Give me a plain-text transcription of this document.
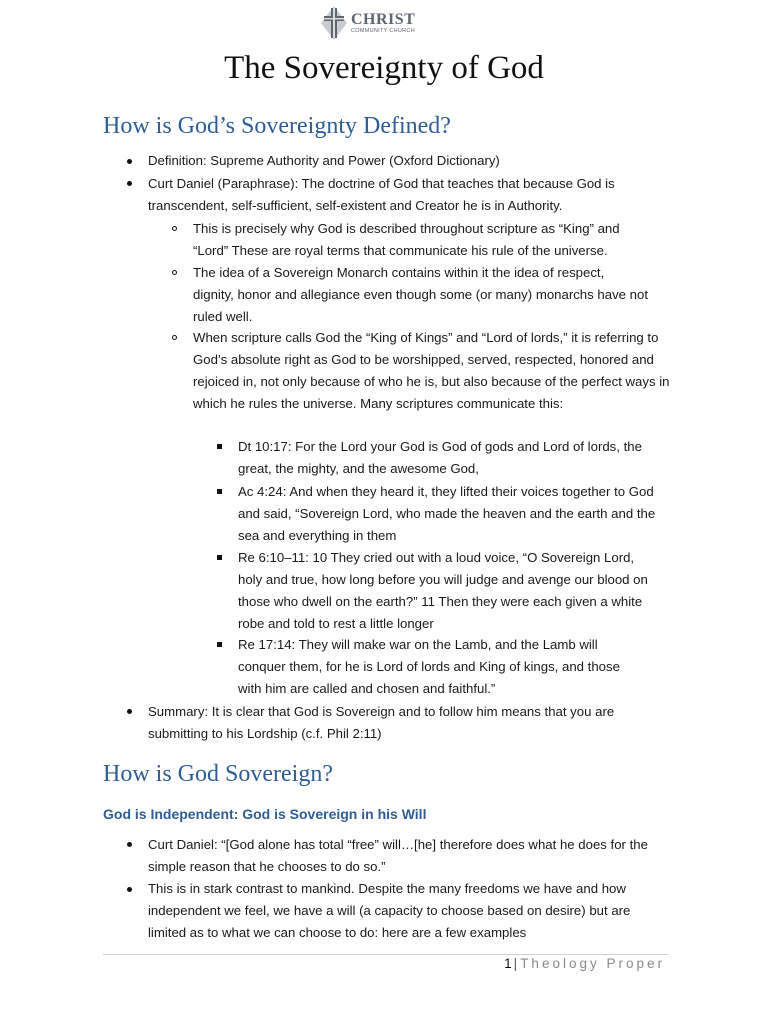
CHRIST
COMMUNITY CHURCH
The Sovereignty of God
How is God’s Sovereignty Defined?
Definition: Supreme Authority and Power (Oxford Dictionary)
Curt Daniel (Paraphrase): The doctrine of God that teaches that because God is transcendent, self-sufficient, self-existent and Creator he is in Authority.
This is precisely why God is described throughout scripture as “King” and “Lord” These are royal terms that communicate his rule of the universe.
The idea of a Sovereign Monarch contains within it the idea of respect, dignity, honor and allegiance even though some (or many) monarchs have not ruled well.
When scripture calls God the “King of Kings” and “Lord of lords,” it is referring to God’s absolute right as God to be worshipped, served, respected, honored and rejoiced in, not only because of who he is, but also because of the perfect ways in which he rules the universe. Many scriptures communicate this:
Dt 10:17: For the Lord your God is God of gods and Lord of lords, the great, the mighty, and the awesome God,
Ac 4:24: And when they heard it, they lifted their voices together to God and said, “Sovereign Lord, who made the heaven and the earth and the sea and everything in them
Re 6:10–11: 10 They cried out with a loud voice, “O Sovereign Lord, holy and true, how long before you will judge and avenge our blood on those who dwell on the earth?” 11 Then they were each given a white robe and told to rest a little longer
Re 17:14: They will make war on the Lamb, and the Lamb will conquer them, for he is Lord of lords and King of kings, and those with him are called and chosen and faithful.”
Summary: It is clear that God is Sovereign and to follow him means that you are submitting to his Lordship (c.f. Phil 2:11)
How is God Sovereign?
God is Independent: God is Sovereign in his Will
Curt Daniel: “[God alone has total “free” will…[he] therefore does what he does for the simple reason that he chooses to do so.”
This is in stark contrast to mankind. Despite the many freedoms we have and how independent we feel, we have a will (a capacity to choose based on desire) but are limited as to what we can choose to do: here are a few examples
1 | Theology Proper
